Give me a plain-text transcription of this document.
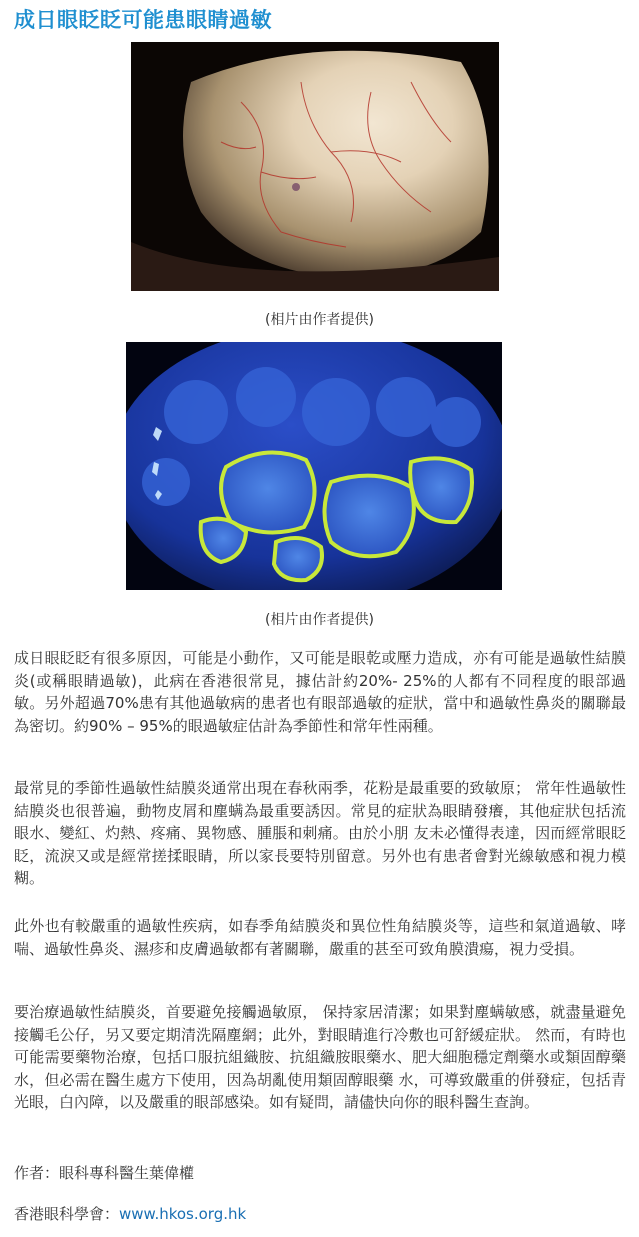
成日眼眨眨可能患眼睛過敏
(相片由作者提供)
(相片由作者提供)

成日眼眨眨有很多原因，可能是小動作，又可能是眼乾或壓力造成，亦有可能是過敏性結膜炎(或稱眼睛過敏)，此病在香港很常見，據估計約20%- 25%的人都有不同程度的眼部過敏。另外超過70%患有其他過敏病的患者也有眼部過敏的症狀，當中和過敏性鼻炎的關聯最為密切。約90% – 95%的眼過敏症估計為季節性和常年性兩種。

最常見的季節性過敏性結膜炎通常出現在春秋兩季，花粉是最重要的致敏原； 常年性過敏性結膜炎也很普遍，動物皮屑和塵螨為最重要誘因。常見的症狀為眼睛發癢，其他症狀包括流眼水、變紅、灼熱、疼痛、異物感、腫脹和刺痛。由於小朋 友未必懂得表達，因而經常眼眨眨，流淚又或是經常搓揉眼睛，所以家長要特別留意。另外也有患者會對光線敏感和視力模糊。

此外也有較嚴重的過敏性疾病，如春季角結膜炎和異位性角結膜炎等，這些和氣道過敏、哮喘、過敏性鼻炎、濕疹和皮膚過敏都有著關聯，嚴重的甚至可致角膜潰瘍，視力受損。

要治療過敏性結膜炎，首要避免接觸過敏原， 保持家居清潔；如果對塵螨敏感，就盡量避免接觸毛公仔，另又要定期清洗隔塵網；此外，對眼睛進行冷敷也可舒緩症狀。 然而，有時也可能需要藥物治療，包括口服抗組織胺、抗組織胺眼藥水、肥大細胞穩定劑藥水或類固醇藥水，但必需在醫生處方下使用，因為胡亂使用類固醇眼藥 水，可導致嚴重的併發症，包括青光眼，白內障，以及嚴重的眼部感染。如有疑問，請儘快向你的眼科醫生查詢。

作者：眼科專科醫生葉偉權
香港眼科學會：www.hkos.org.hk
